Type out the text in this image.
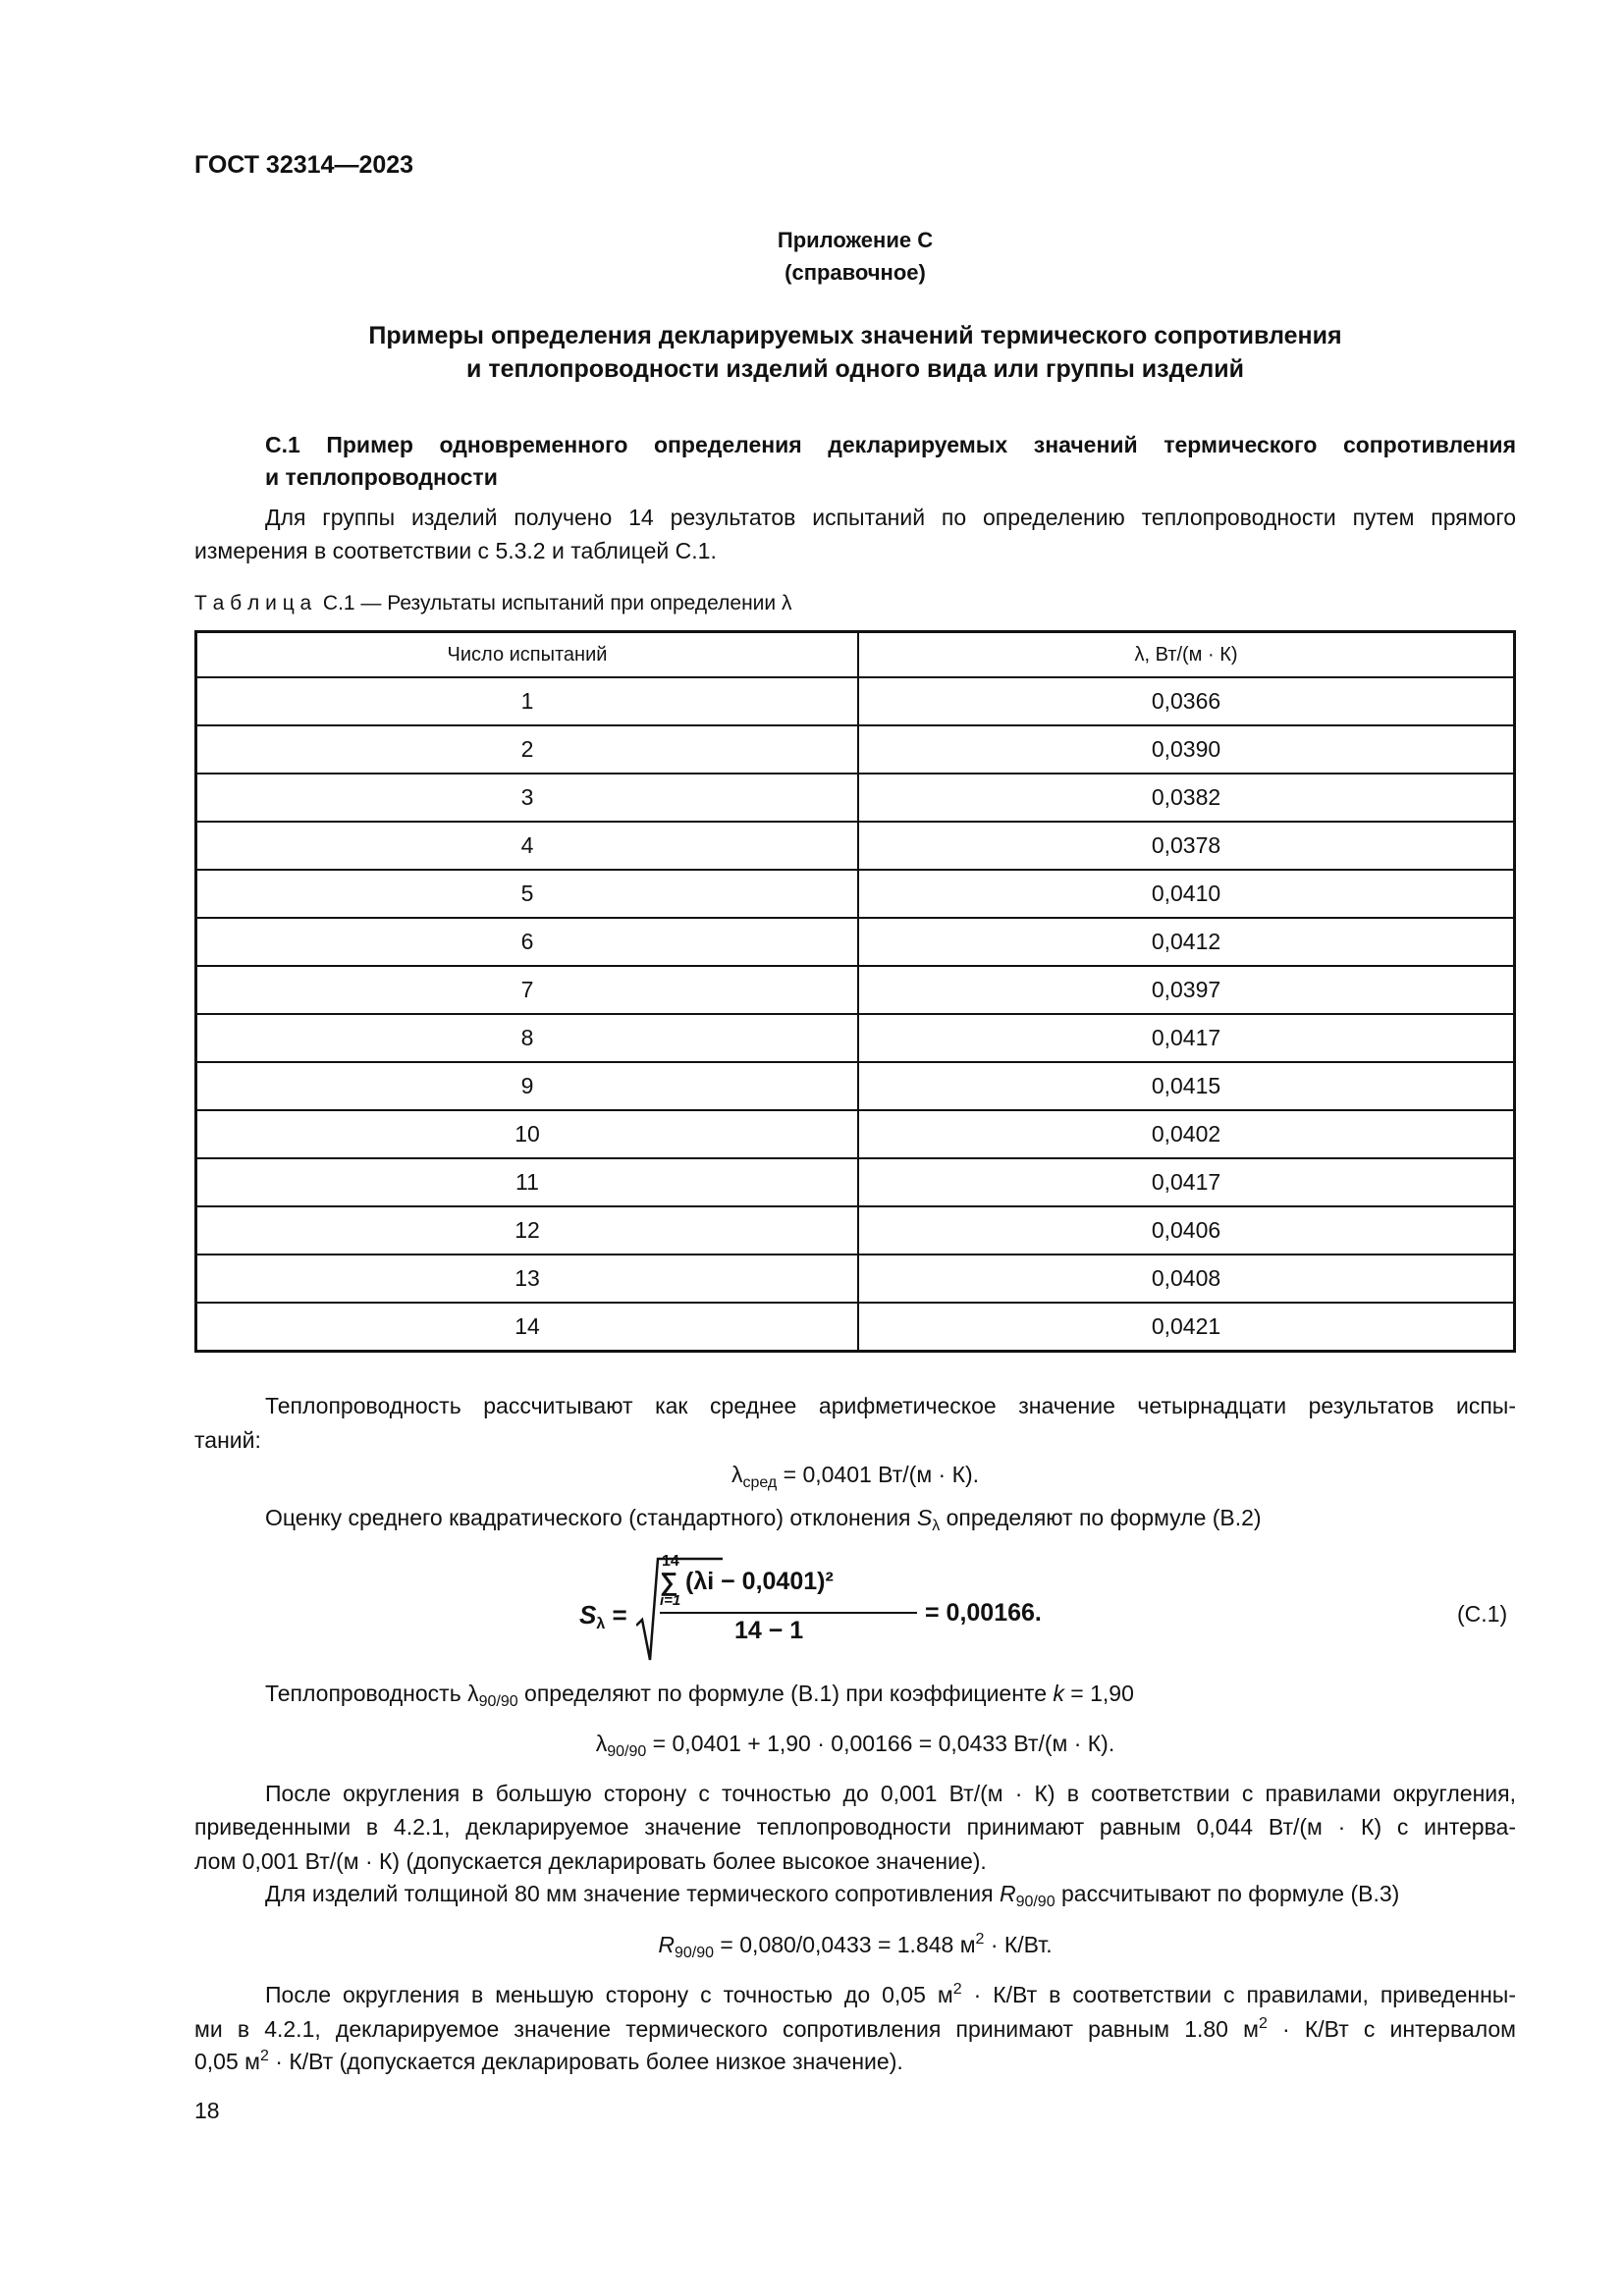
ГОСТ 32314—2023
Приложение С
(справочное)
Примеры определения декларируемых значений термического сопротивления
и теплопроводности изделий одного вида или группы изделий
С.1 Пример одновременного определения декларируемых значений термического сопротивления
и теплопроводности
Для группы изделий получено 14 результатов испытаний по определению теплопроводности путем прямого
измерения в соответствии с 5.3.2 и таблицей С.1.
Т а б л и ц а С.1 — Результаты испытаний при определении λ
Число испытаний	λ, Вт/(м · К)
1	0,0366
2	0,0390
3	0,0382
4	0,0378
5	0,0410
6	0,0412
7	0,0397
8	0,0417
9	0,0415
10	0,0402
11	0,0417
12	0,0406
13	0,0408
14	0,0421
Теплопроводность рассчитывают как среднее арифметическое значение четырнадцати результатов испы-
таний:
$\lambda_{сред} = 0,0401$ Вт/(м · К).
Оценку среднего квадратического (стандартного) отклонения $S_\lambda$ определяют по формуле (В.2)
$S_\lambda$ =
14
∑ (λi − 0,0401)²
i=1
14 − 1
= 0,00166.	(С.1)
Теплопроводность $\lambda_{90/90}$ определяют по формуле (В.1) при коэффициенте k = 1,90
$\lambda_{90/90} = 0,0401 + 1,90 \cdot 0,00166 = 0,0433$ Вт/(м · К).
После округления в большую сторону с точностью до 0,001 Вт/(м · К) в соответствии с правилами округления,
приведенными в 4.2.1, декларируемое значение теплопроводности принимают равным 0,044 Вт/(м · К) с интерва-
лом 0,001 Вт/(м · К) (допускается декларировать более высокое значение).
Для изделий толщиной 80 мм значение термического сопротивления $R_{90/90}$ рассчитывают по формуле (В.3)
$R_{90/90} = 0,080/0,0433 = 1.848$ $м^2 \cdot К/Вт$.
После округления в меньшую сторону с точностью до 0,05 $м^2 \cdot К/Вт$ в соответствии с правилами, приведенны-
ми в 4.2.1, декларируемое значение термического сопротивления принимают равным 1.80 $м^2 \cdot К/Вт$ с интервалом
0,05 $м^2 \cdot К/Вт$ (допускается декларировать более низкое значение).
18
